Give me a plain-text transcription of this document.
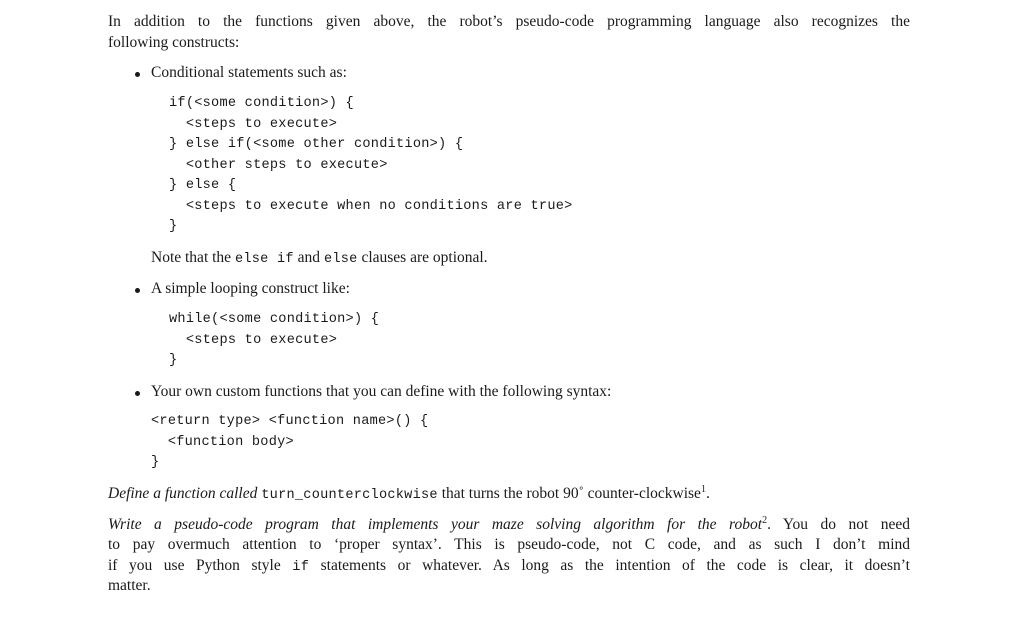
In addition to the functions given above, the robot’s pseudo-code programming language also recognizes the
following constructs:
Conditional statements such as:
if(<some condition>) {
<steps to execute>
} else if(<some other condition>) {
<other steps to execute>
} else {
<steps to execute when no conditions are true>
}
Note that the else if and else clauses are optional.
A simple looping construct like:
while(<some condition>) {
<steps to execute>
}
Your own custom functions that you can define with the following syntax:
<return type> <function name>() {
<function body>
}
Define a function called turn_counterclockwise that turns the robot 90˚ counter-clockwise$^1$.
Write a pseudo-code program that implements your maze solving algorithm for the robot$^2$. You do not need
to pay overmuch attention to ‘proper syntax’. This is pseudo-code, not C code, and as such I don’t mind
if you use Python style if statements or whatever. As long as the intention of the code is clear, it doesn’t
matter.
